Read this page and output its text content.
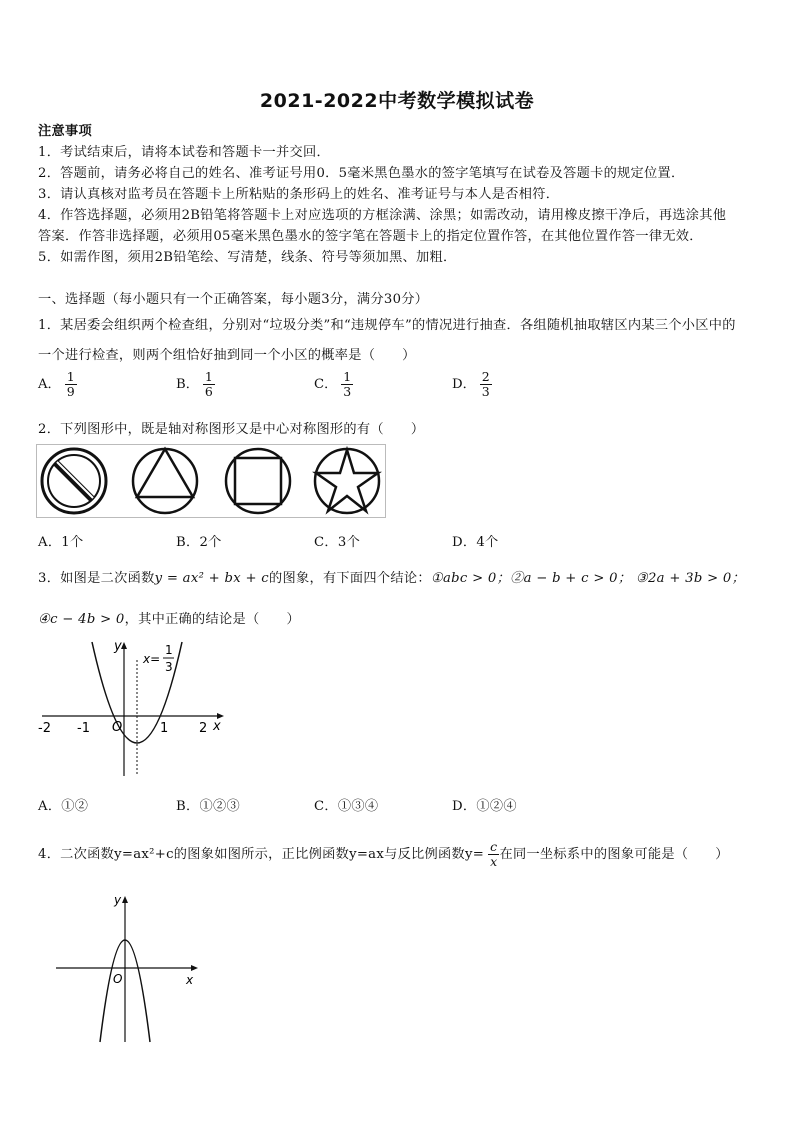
2021-2022中考数学模拟试卷
注意事项
1．考试结束后，请将本试卷和答题卡一并交回．
2．答题前，请务必将自己的姓名、准考证号用0．5毫米黑色墨水的签字笔填写在试卷及答题卡的规定位置．
3．请认真核对监考员在答题卡上所粘贴的条形码上的姓名、准考证号与本人是否相符．
4．作答选择题，必须用2B铅笔将答题卡上对应选项的方框涂满、涂黑；如需改动，请用橡皮擦干净后，再选涂其他
答案．作答非选择题，必须用05毫米黑色墨水的签字笔在答题卡上的指定位置作答，在其他位置作答一律无效．
5．如需作图，须用2B铅笔绘、写清楚，线条、符号等须加黑、加粗．
一、选择题（每小题只有一个正确答案，每小题3分，满分30分）
1．某居委会组织两个检查组，分别对“垃圾分类”和“违规停车”的情况进行抽查．各组随机抽取辖区内某三个小区中的
一个进行检查，则两个组恰好抽到同一个小区的概率是（　　）
A． $\frac{1}{9}$	B． $\frac{1}{6}$	C． $\frac{1}{3}$	D． $\frac{2}{3}$
2．下列图形中，既是轴对称图形又是中心对称图形的有（　　）
A．1个	B．2个	C．3个	D．4个
3．如图是二次函数y = ax² + bx + c的图象，有下面四个结论：①abc > 0；②a − b + c > 0； ③2a + 3b > 0；
④c − 4b > 0，其中正确的结论是（　　）
-2 -1 O	1 2 x
y
x=
1
3
A．①②	B．①②③	C．①③④	D．①②④
4．二次函数y=ax²+c的图象如图所示，正比例函数y=ax与反比例函数$y= \frac{c}{x}$ 在同一坐标系中的图象可能是（　　）
x
y
O
